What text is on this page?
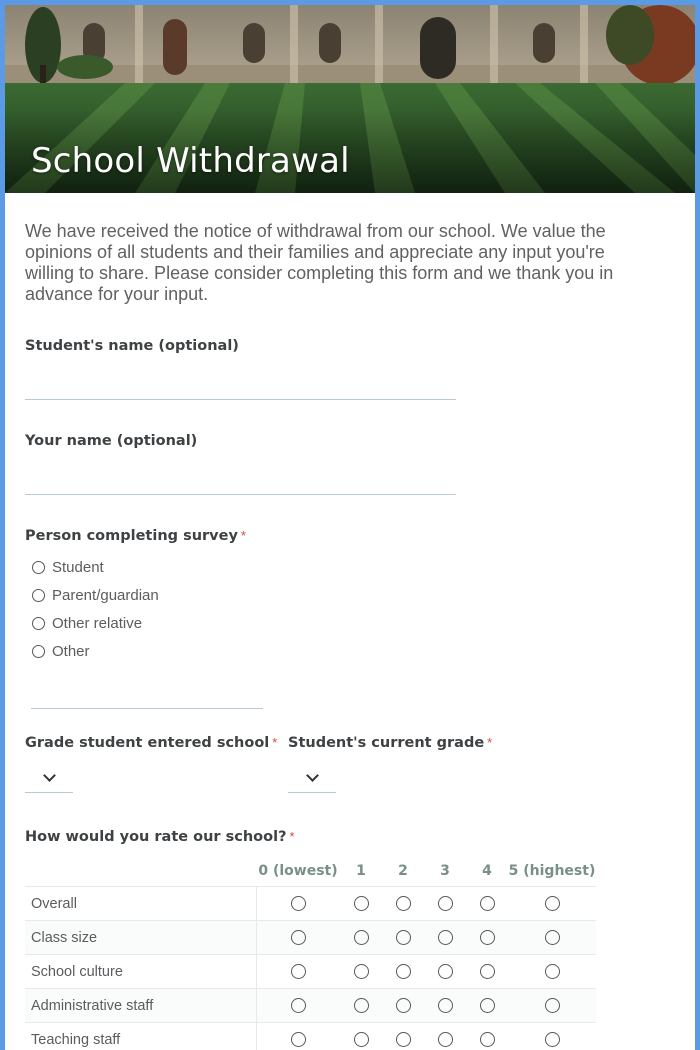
School Withdrawal

We have received the notice of withdrawal from our school. We value the opinions of all students and their families and appreciate any input you're willing to share. Please consider completing this form and we thank you in advance for your input.

Student's name (optional)
Your name (optional)
Person completing survey *
Student
Parent/guardian
Other relative
Other
Grade student entered school * Student's current grade *
How would you rate our school? *
	0 (lowest)	1	2	3	4	5 (highest)
Overall						
Class size						
School culture						
Administrative staff						
Teaching staff						
